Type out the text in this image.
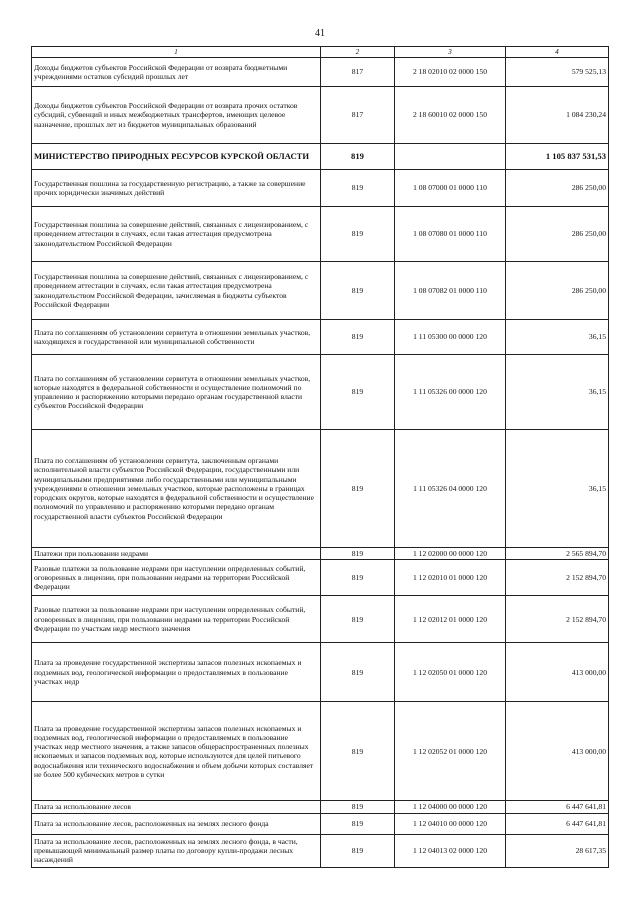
41
1	2	3	4
Доходы бюджетов субъектов Российской Федерации от возврата бюджетными учреждениями остатков субсидий прошлых лет	817	2 18 02010 02 0000 150	579 525,13
Доходы бюджетов субъектов Российской Федерации от возврата прочих остатков субсидий, субвенций и иных межбюджетных трансфертов, имеющих целевое назначение, прошлых лет из бюджетов муниципальных образований	817	2 18 60010 02 0000 150	1 084 230,24
МИНИСТЕРСТВО ПРИРОДНЫХ РЕСУРСОВ КУРСКОЙ ОБЛАСТИ	819		1 105 837 531,53
Государственная пошлина за государственную регистрацию, а также за совершение прочих юридически значимых действий	819	1 08 07000 01 0000 110	286 250,00
Государственная пошлина за совершение действий, связанных с лицензированием, с проведением аттестации в случаях, если такая аттестация предусмотрена законодательством Российской Федерации	819	1 08 07080 01 0000 110	286 250,00
Государственная пошлина за совершение действий, связанных с лицензированием, с проведением аттестации в случаях, если такая аттестация предусмотрена законодательством Российской Федерации, зачисляемая в бюджеты субъектов Российской Федерации	819	1 08 07082 01 0000 110	286 250,00
Плата по соглашениям об установлении сервитута в отношении земельных участков, находящихся в государственной или муниципальной собственности	819	1 11 05300 00 0000 120	36,15
Плата по соглашениям об установлении сервитута в отношении земельных участков, которые находятся в федеральной собственности и осуществление полномочий по управлению и распоряжению которыми передано органам государственной власти субъектов Российской Федерации	819	1 11 05326 00 0000 120	36,15
Плата по соглашениям об установлении сервитута, заключенным органами исполнительной власти субъектов Российской Федерации, государственными или муниципальными предприятиями либо государственными или муниципальными учреждениями в отношении земельных участков, которые расположены в границах городских округов, которые находятся в федеральной собственности и осуществление полномочий по управлению и распоряжению которыми передано органам государственной власти субъектов Российской Федерации	819	1 11 05326 04 0000 120	36,15
Платежи при пользовании недрами	819	1 12 02000 00 0000 120	2 565 894,70
Разовые платежи за пользование недрами при наступлении определенных событий, оговоренных в лицензии, при пользовании недрами на территории Российской Федерации	819	1 12 02010 01 0000 120	2 152 894,70
Разовые платежи за пользование недрами при наступлении определенных событий, оговоренных в лицензии, при пользовании недрами на территории Российской Федерации по участкам недр местного значения	819	1 12 02012 01 0000 120	2 152 894,70
Плата за проведение государственной экспертизы запасов полезных ископаемых и подземных вод, геологической информации о предоставляемых в пользование участках недр	819	1 12 02050 01 0000 120	413 000,00
Плата за проведение государственной экспертизы запасов полезных ископаемых и подземных вод, геологической информации о предоставляемых в пользование участках недр местного значения, а также запасов общераспространенных полезных ископаемых и запасов подземных вод, которые используются для целей питьевого водоснабжения или технического водоснабжения и объем добычи которых составляет не более 500 кубических метров в сутки	819	1 12 02052 01 0000 120	413 000,00
Плата за использование лесов	819	1 12 04000 00 0000 120	6 447 641,81
Плата за использование лесов, расположенных на землях лесного фонда	819	1 12 04010 00 0000 120	6 447 641,81
Плата за использование лесов, расположенных на землях лесного фонда, в части, превышающей минимальный размер платы по договору купли-продажи лесных насаждений	819	1 12 04013 02 0000 120	28 617,35
